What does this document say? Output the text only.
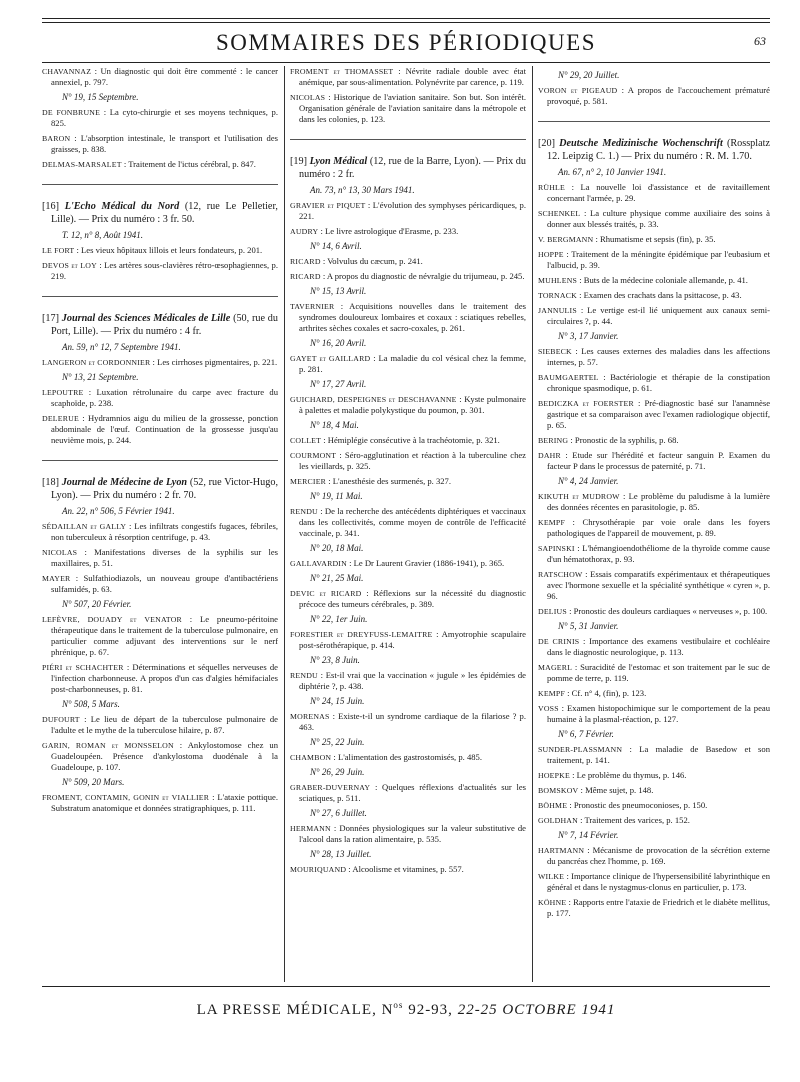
SOMMAIRES DES PÉRIODIQUES	63
CHAVANNAZ : Un diagnostic qui doit être commenté : le cancer annexiel, p. 797.
N° 19, 15 Septembre.
DE FONBRUNE : La cyto-chirurgie et ses moyens techniques, p. 825.
BARON : L'absorption intestinale, le transport et l'utilisation des graisses, p. 838.
DELMAS-MARSALET : Traitement de l'ictus cérébral, p. 847.
[16] L'Echo Médical du Nord (12, rue Le Pelletier, Lille). — Prix du numéro : 3 fr. 50.
T. 12, n° 8, Août 1941.
LE FORT : Les vieux hôpitaux lillois et leurs fondateurs, p. 201.
DEVOS et LOY : Les artères sous-clavières rétro-œsophagiennes, p. 219.
[17] Journal des Sciences Médicales de Lille (50, rue du Port, Lille). — Prix du numéro : 4 fr.
An. 59, n° 12, 7 Septembre 1941.
LANGERON et CORDONNIER : Les cirrhoses pigmentaires, p. 221.
N° 13, 21 Septembre.
LEPOUTRE : Luxation rétrolunaire du carpe avec fracture du scaphoïde, p. 238.
DELERUE : Hydramnios aigu du milieu de la grossesse, ponction abdominale de l'œuf. Continuation de la grossesse jusqu'au neuvième mois, p. 244.
[18] Journal de Médecine de Lyon (52, rue Victor-Hugo, Lyon). — Prix du numéro : 2 fr. 70.
An. 22, n° 506, 5 Février 1941.
SÉDAILLAN et GALLY : Les infiltrats congestifs fugaces, fébriles, non tuberculeux à résorption centrifuge, p. 43.
NICOLAS : Manifestations diverses de la syphilis sur les maxillaires, p. 51.
MAYER : Sulfathiodiazols, un nouveau groupe d'antibactériens sulfamidés, p. 63.
N° 507, 20 Février.
LEFÈVRE, DOUADY et VENATOR : Le pneumo-péritoine thérapeutique dans le traitement de la tuberculose pulmonaire, en particulier comme adjuvant des interventions sur le nerf phrénique, p. 67.
PIÉRI et SCHACHTER : Déterminations et séquelles nerveuses de l'infection charbonneuse. A propos d'un cas d'algies hémifaciales post-charbonneuses, p. 81.
N° 508, 5 Mars.
DUFOURT : Le lieu de départ de la tuberculose pulmonaire de l'adulte et le mythe de la tuberculose hilaire, p. 87.
GARIN, ROMAN et MONSSELON : Ankylostomose chez un Guadeloupéen. Présence d'ankylostoma duodénale à la Guadeloupe, p. 107.
N° 509, 20 Mars.
FROMENT, CONTAMIN, GONIN et VIALLIER : L'ataxie pottique. Substratum anatomique et données stratigraphiques, p. 111.
FROMENT et THOMASSET : Névrite radiale double avec état anémique, par sous-alimentation. Polynévrite par carence, p. 119.
NICOLAS : Historique de l'aviation sanitaire. Son but. Son intérêt. Organisation générale de l'aviation sanitaire dans la métropole et dans les colonies, p. 123.
[19] Lyon Médical (12, rue de la Barre, Lyon). — Prix du numéro : 2 fr.
An. 73, n° 13, 30 Mars 1941.
GRAVIER et PIQUET : L'évolution des symphyses péricardiques, p. 221.
AUDRY : Le livre astrologique d'Erasme, p. 233.
N° 14, 6 Avril.
RICARD : Volvulus du cæcum, p. 241.
RICARD : A propos du diagnostic de névralgie du trijumeau, p. 245.
N° 15, 13 Avril.
TAVERNIER : Acquisitions nouvelles dans le traitement des syndromes douloureux lombaires et coxaux : sciatiques rebelles, arthrites sèches coxales et sacro-coxales, p. 261.
N° 16, 20 Avril.
GAYET et GAILLARD : La maladie du col vésical chez la femme, p. 281.
N° 17, 27 Avril.
GUICHARD, DESPEIGNES et DESCHAVANNE : Kyste pulmonaire à palettes et maladie polykystique du poumon, p. 301.
N° 18, 4 Mai.
COLLET : Hémiplégie consécutive à la trachéotomie, p. 321.
COURMONT : Séro-agglutination et réaction à la tuberculine chez les vieillards, p. 325.
MERCIER : L'anesthésie des surmenés, p. 327.
N° 19, 11 Mai.
RENDU : De la recherche des antécédents diphtériques et vaccinaux dans les collectivités, comme moyen de contrôle de l'efficacité vaccinale, p. 341.
N° 20, 18 Mai.
GALLAVARDIN : Le Dr Laurent Gravier (1886-1941), p. 365.
N° 21, 25 Mai.
DEVIC et RICARD : Réflexions sur la nécessité du diagnostic précoce des tumeurs cérébrales, p. 389.
N° 22, 1er Juin.
FORESTIER et DREYFUSS-LEMAITRE : Amyotrophie scapulaire post-sérothérapique, p. 414.
N° 23, 8 Juin.
RENDU : Est-il vrai que la vaccination « jugule » les épidémies de diphtérie ?, p. 438.
N° 24, 15 Juin.
MORENAS : Existe-t-il un syndrome cardiaque de la filariose ? p. 463.
N° 25, 22 Juin.
CHAMBON : L'alimentation des gastrostomisés, p. 485.
N° 26, 29 Juin.
GRABER-DUVERNAY : Quelques réflexions d'actualités sur les sciatiques, p. 511.
N° 27, 6 Juillet.
HERMANN : Données physiologiques sur la valeur substitutive de l'alcool dans la ration alimentaire, p. 535.
N° 28, 13 Juillet.
MOURIQUAND : Alcoolisme et vitamines, p. 557.
N° 29, 20 Juillet.
VORON et PIGEAUD : A propos de l'accouchement prématuré provoqué, p. 581.
[20] Deutsche Medizinische Wochenschrift (Rossplatz 12. Leipzig C. 1.) — Prix du numéro : R. M. 1.70.
An. 67, n° 2, 10 Janvier 1941.
RÜHLE : La nouvelle loi d'assistance et de ravitaillement concernant l'armée, p. 29.
SCHENKEL : La culture physique comme auxiliaire des soins à donner aux blessés traités, p. 33.
V. BERGMANN : Rhumatisme et sepsis (fin), p. 35.
HOPPE : Traitement de la méningite épidémique par l'eubasium et l'albucid, p. 39.
MUHLENS : Buts de la médecine coloniale allemande, p. 41.
TORNACK : Examen des crachats dans la psittacose, p. 43.
JANNULIS : Le vertige est-il lié uniquement aux canaux semi-circulaires ?, p. 44.
N° 3, 17 Janvier.
SIEBECK : Les causes externes des maladies dans les affections internes, p. 57.
BAUMGAERTEL : Bactériologie et thérapie de la constipation chronique spasmodique, p. 61.
BEDICZKA et FOERSTER : Pré-diagnostic basé sur l'anamnèse gastrique et sa comparaison avec l'examen radiologique objectif, p. 65.
BERING : Pronostic de la syphilis, p. 68.
DAHR : Etude sur l'hérédité et facteur sanguin P. Examen du facteur P dans le processus de paternité, p. 71.
N° 4, 24 Janvier.
KIKUTH et MUDROW : Le problème du paludisme à la lumière des données récentes en parasitologie, p. 85.
KEMPF : Chrysothérapie par voie orale dans les foyers pathologiques de l'appareil de mouvement, p. 89.
SAPINSKI : L'hémangioendothéliome de la thyroïde comme cause d'un hématothorax, p. 93.
RATSCHOW : Essais comparatifs expérimentaux et thérapeutiques avec l'hormone sexuelle et la spécialité synthétique « cyren », p. 96.
DELIUS : Pronostic des douleurs cardiaques « nerveuses », p. 100.
N° 5, 31 Janvier.
DE CRINIS : Importance des examens vestibulaire et cochléaire dans le diagnostic neurologique, p. 113.
MAGERL : Suracidité de l'estomac et son traitement par le suc de pomme de terre, p. 119.
KEMPF : Cf. n° 4, (fin), p. 123.
VOSS : Examen histopochimique sur le comportement de la peau humaine à la plasmal-réaction, p. 127.
N° 6, 7 Février.
SUNDER-PLASSMANN : La maladie de Basedow et son traitement, p. 141.
HOEPKE : Le problème du thymus, p. 146.
BOMSKOV : Même sujet, p. 148.
BÖHME : Pronostic des pneumoconioses, p. 150.
GOLDHAN : Traitement des varices, p. 152.
N° 7, 14 Février.
HARTMANN : Mécanisme de provocation de la sécrétion externe du pancréas chez l'homme, p. 169.
WILKE : Importance clinique de l'hypersensibilité labyrinthique en général et dans le nystagmus-clonus en particulier, p. 173.
KÖHNE : Rapports entre l'ataxie de Friedrich et le diabète mellitus, p. 177.
LA PRESSE MÉDICALE, $N^{os}$ 92-93, 22-25 OCTOBRE 1941
